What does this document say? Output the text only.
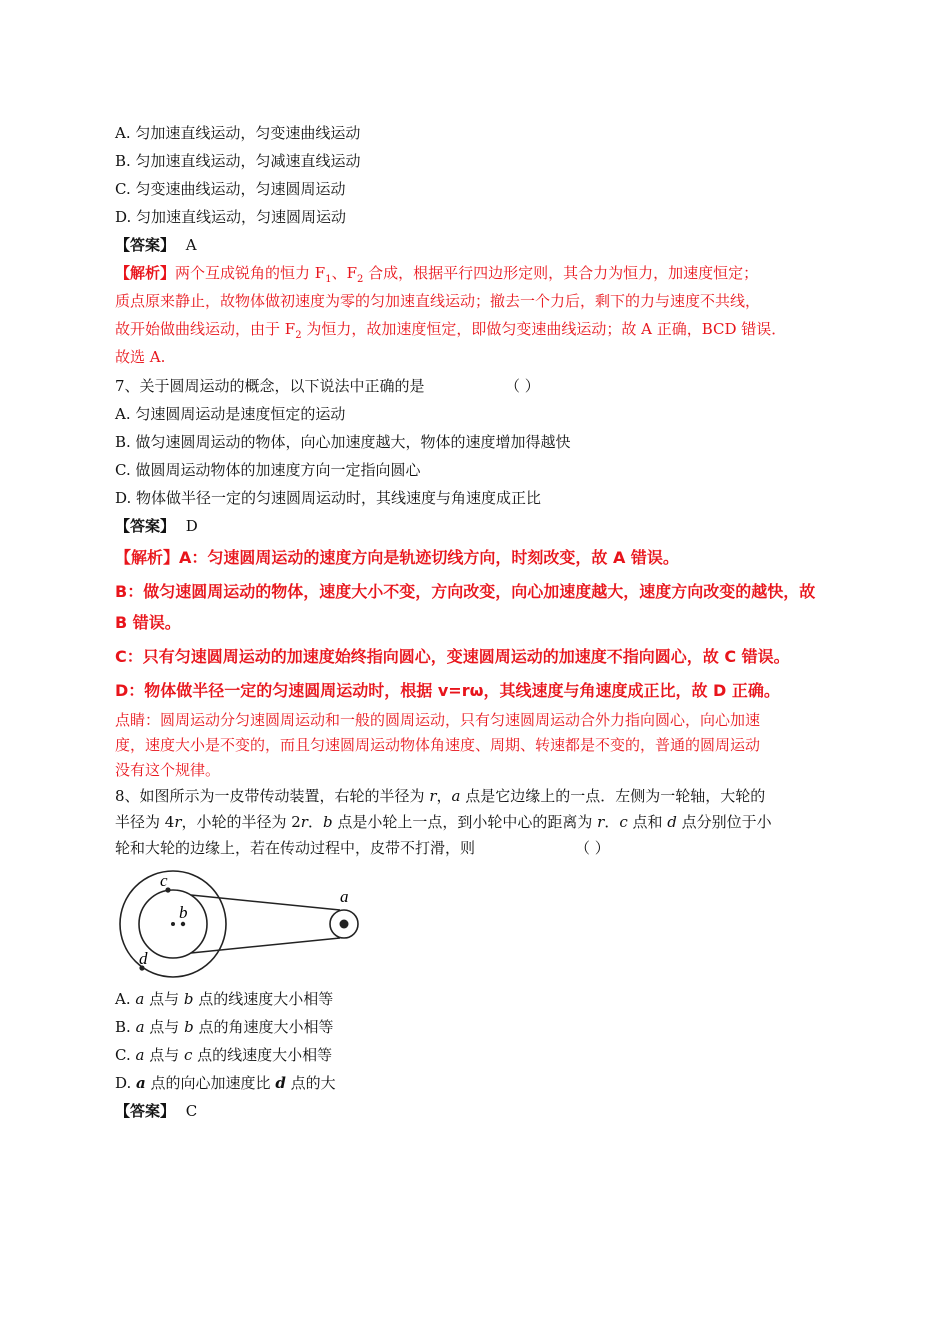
A. 匀加速直线运动，匀变速曲线运动
B. 匀加速直线运动，匀减速直线运动
C. 匀变速曲线运动，匀速圆周运动
D. 匀加速直线运动，匀速圆周运动
【答案】 A
【解析】两个互成锐角的恒力 $F_1$、$F_2$ 合成，根据平行四边形定则，其合力为恒力，加速度恒定；
质点原来静止，故物体做初速度为零的匀加速直线运动；撤去一个力后，剩下的力与速度不共线，
故开始做曲线运动，由于 $F_2$ 为恒力，故加速度恒定，即做匀变速曲线运动；故 A 正确，BCD 错误．
故选 A.
7、关于圆周运动的概念，以下说法中正确的是	（ ）
A. 匀速圆周运动是速度恒定的运动
B. 做匀速圆周运动的物体，向心加速度越大，物体的速度增加得越快
C. 做圆周运动物体的加速度方向一定指向圆心
D. 物体做半径一定的匀速圆周运动时，其线速度与角速度成正比
【答案】 D
【解析】A：匀速圆周运动的速度方向是轨迹切线方向，时刻改变，故 A 错误。
B：做匀速圆周运动的物体，速度大小不变，方向改变，向心加速度越大，速度方向改变的越快，故
B 错误。
C：只有匀速圆周运动的加速度始终指向圆心，变速圆周运动的加速度不指向圆心，故 C 错误。
D：物体做半径一定的匀速圆周运动时，根据 v=rω，其线速度与角速度成正比，故 D 正确。
点睛：圆周运动分匀速圆周运动和一般的圆周运动，只有匀速圆周运动合外力指向圆心，向心加速
度，速度大小是不变的，而且匀速圆周运动物体角速度、周期、转速都是不变的，普通的圆周运动
没有这个规律。
8、如图所示为一皮带传动装置，右轮的半径为 r，a 点是它边缘上的一点．左侧为一轮轴，大轮的
半径为 4r，小轮的半径为 2r．b 点是小轮上一点，到小轮中心的距离为 r．c 点和 d 点分别位于小
轮和大轮的边缘上，若在传动过程中，皮带不打滑，则	（ ）
c
b
a
d
A. a 点与 b 点的线速度大小相等
B. a 点与 b 点的角速度大小相等
C. a 点与 c 点的线速度大小相等
D. a 点的向心加速度比 d 点的大
【答案】 C
